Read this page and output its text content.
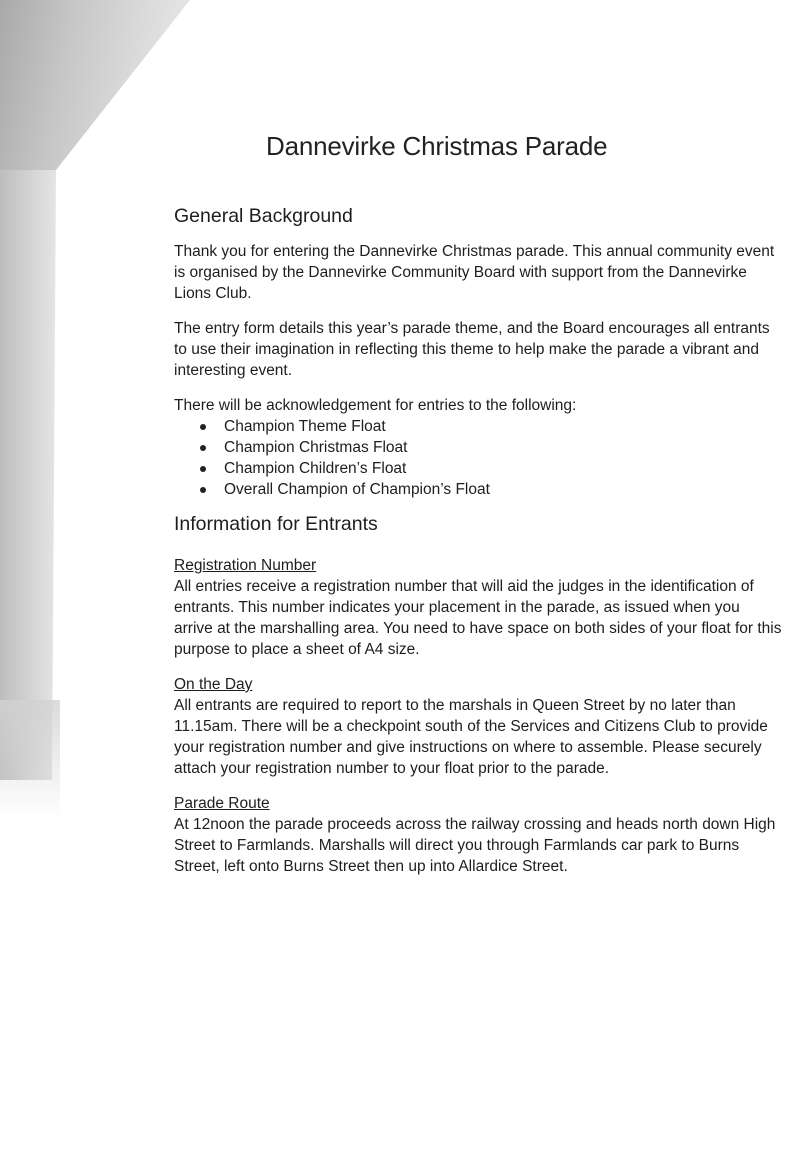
Dannevirke Christmas Parade
General Background
Thank you for entering the Dannevirke Christmas parade. This annual community event
is organised by the Dannevirke Community Board with support from the Dannevirke
Lions Club.
The entry form details this year’s parade theme, and the Board encourages all entrants
to use their imagination in reflecting this theme to help make the parade a vibrant and
interesting event.
There will be acknowledgement for entries to the following:
Champion Theme Float
Champion Christmas Float
Champion Children’s Float
Overall Champion of Champion’s Float
Information for Entrants
Registration Number
All entries receive a registration number that will aid the judges in the identification of
entrants. This number indicates your placement in the parade, as issued when you
arrive at the marshalling area. You need to have space on both sides of your float for this
purpose to place a sheet of A4 size.
On the Day
All entrants are required to report to the marshals in Queen Street by no later than
11.15am. There will be a checkpoint south of the Services and Citizens Club to provide
your registration number and give instructions on where to assemble. Please securely
attach your registration number to your float prior to the parade.
Parade Route
At 12noon the parade proceeds across the railway crossing and heads north down High
Street to Farmlands. Marshalls will direct you through Farmlands car park to Burns
Street, left onto Burns Street then up into Allardice Street.
